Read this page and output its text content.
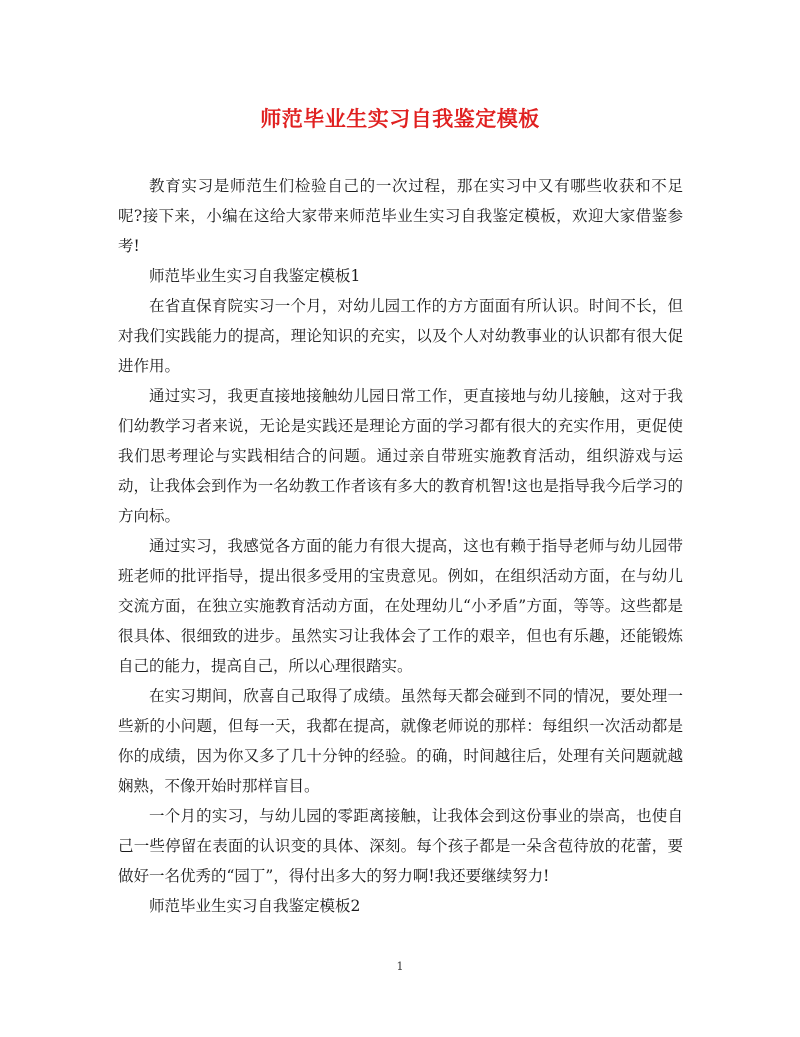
师范毕业生实习自我鉴定模板

教育实习是师范生们检验自己的一次过程，那在实习中又有哪些收获和不足呢?接下来，小编在这给大家带来师范毕业生实习自我鉴定模板，欢迎大家借鉴参考!

师范毕业生实习自我鉴定模板1

在省直保育院实习一个月，对幼儿园工作的方方面面有所认识。时间不长，但对我们实践能力的提高，理论知识的充实，以及个人对幼教事业的认识都有很大促进作用。

通过实习，我更直接地接触幼儿园日常工作，更直接地与幼儿接触，这对于我们幼教学习者来说，无论是实践还是理论方面的学习都有很大的充实作用，更促使我们思考理论与实践相结合的问题。通过亲自带班实施教育活动，组织游戏与运动，让我体会到作为一名幼教工作者该有多大的教育机智!这也是指导我今后学习的方向标。

通过实习，我感觉各方面的能力有很大提高，这也有赖于指导老师与幼儿园带班老师的批评指导，提出很多受用的宝贵意见。例如，在组织活动方面，在与幼儿交流方面，在独立实施教育活动方面，在处理幼儿“小矛盾”方面，等等。这些都是很具体、很细致的进步。虽然实习让我体会了工作的艰辛，但也有乐趣，还能锻炼自己的能力，提高自己，所以心理很踏实。

在实习期间，欣喜自己取得了成绩。虽然每天都会碰到不同的情况，要处理一些新的小问题，但每一天，我都在提高，就像老师说的那样：每组织一次活动都是你的成绩，因为你又多了几十分钟的经验。的确，时间越往后，处理有关问题就越娴熟，不像开始时那样盲目。

一个月的实习，与幼儿园的零距离接触，让我体会到这份事业的崇高，也使自己一些停留在表面的认识变的具体、深刻。每个孩子都是一朵含苞待放的花蕾，要做好一名优秀的“园丁”，得付出多大的努力啊!我还要继续努力!

师范毕业生实习自我鉴定模板2

1
